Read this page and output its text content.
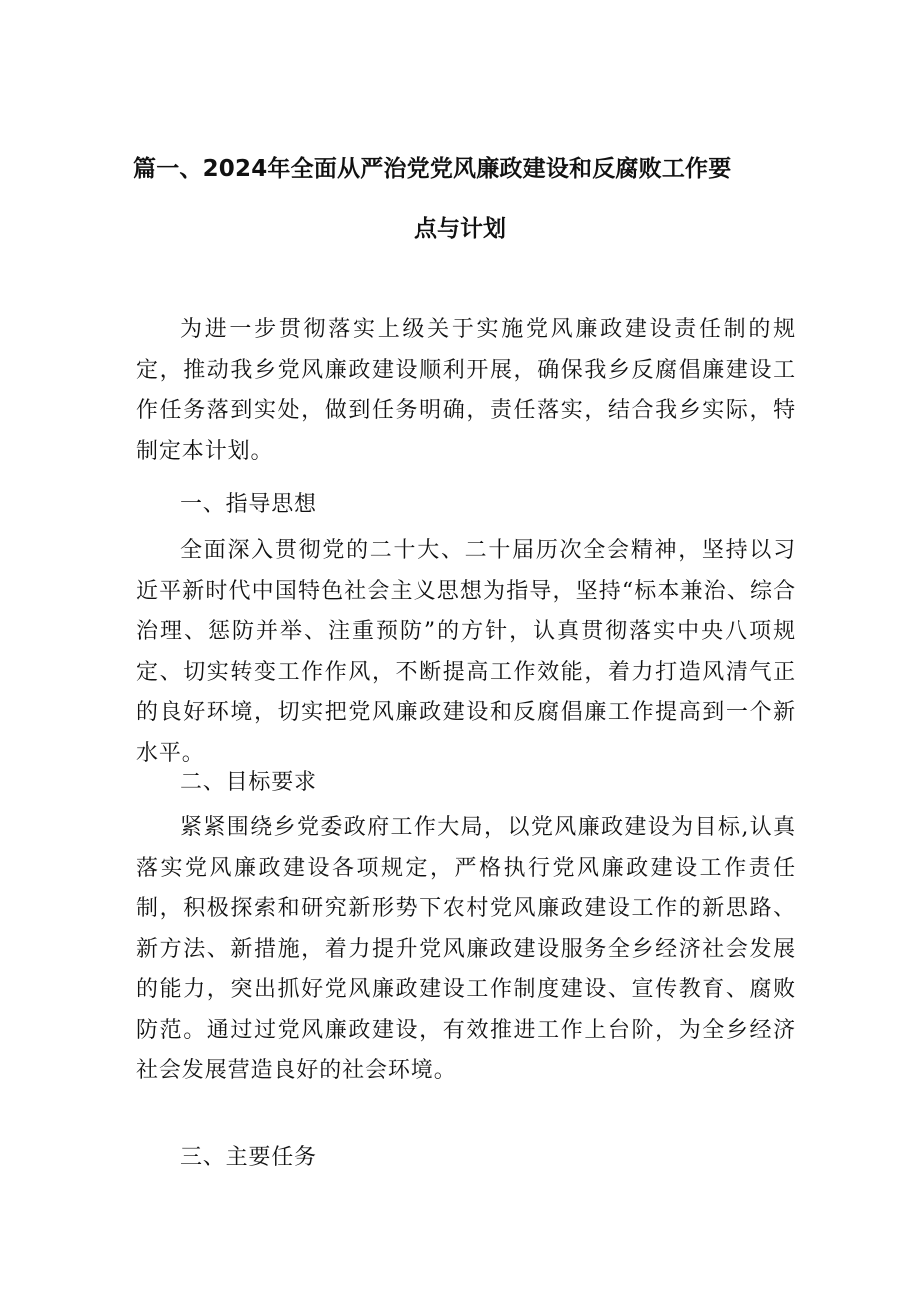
篇一、2024年全面从严治党党风廉政建设和反腐败工作要
点与计划

为进一步贯彻落实上级关于实施党风廉政建设责任制的规定，推动我乡党风廉政建设顺利开展，确保我乡反腐倡廉建设工作任务落到实处，做到任务明确，责任落实，结合我乡实际，特制定本计划。

一、指导思想

全面深入贯彻党的二十大、二十届历次全会精神，坚持以习近平新时代中国特色社会主义思想为指导，坚持“标本兼治、综合治理、惩防并举、注重预防”的方针，认真贯彻落实中央八项规定、切实转变工作作风，不断提高工作效能，着力打造风清气正的良好环境，切实把党风廉政建设和反腐倡廉工作提高到一个新水平。

二、目标要求

紧紧围绕乡党委政府工作大局，以党风廉政建设为目标,认真落实党风廉政建设各项规定，严格执行党风廉政建设工作责任制，积极探索和研究新形势下农村党风廉政建设工作的新思路、新方法、新措施，着力提升党风廉政建设服务全乡经济社会发展的能力，突出抓好党风廉政建设工作制度建设、宣传教育、腐败防范。通过过党风廉政建设，有效推进工作上台阶，为全乡经济社会发展营造良好的社会环境。

三、主要任务
